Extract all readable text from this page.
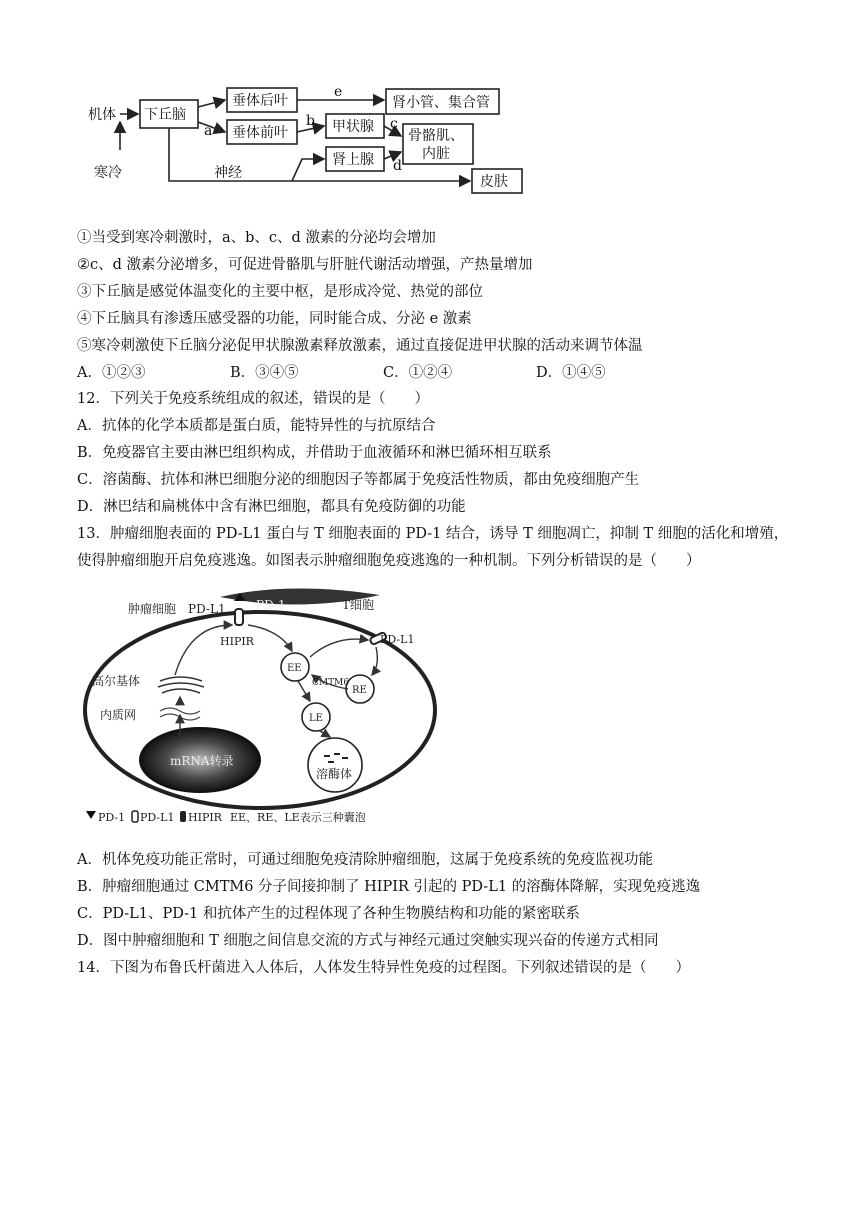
机体
寒冷
下丘脑
垂体后叶
垂体前叶
肾小管、集合管
甲状腺
肾上腺
骨骼肌、
内脏
皮肤
神经
e
a
b	c
d
①当受到寒冷刺激时，a、b、c、d 激素的分泌均会增加
②c、d 激素分泌增多，可促进骨骼肌与肝脏代谢活动增强，产热量增加
③下丘脑是感觉体温变化的主要中枢，是形成冷觉、热觉的部位
④下丘脑具有渗透压感受器的功能，同时能合成、分泌 e 激素
⑤寒冷刺激使下丘脑分泌促甲状腺激素释放激素，通过直接促进甲状腺的活动来调节体温
A．①②③	B．③④⑤	C．①②④	D．①④⑤
12．下列关于免疫系统组成的叙述，错误的是（　　）
A．抗体的化学本质都是蛋白质，能特异性的与抗原结合
B．免疫器官主要由淋巴组织构成，并借助于血液循环和淋巴循环相互联系
C．溶菌酶、抗体和淋巴细胞分泌的细胞因子等都属于免疫活性物质，都由免疫细胞产生
D．淋巴结和扁桃体中含有淋巴细胞，都具有免疫防御的功能
13．肿瘤细胞表面的 PD-L1 蛋白与 T 细胞表面的 PD-1 结合，诱导 T 细胞凋亡，抑制 T 细胞的活化和增殖，
使得肿瘤细胞开启免疫逃逸。如图表示肿瘤细胞免疫逃逸的一种机制。下列分析错误的是（　　）
肿瘤细胞 PD-L1	PD-1	T细胞
HIPIR	PD-L1
高尔基体
内质网
mRNA转录
EE
CMTM6
RE
LE
溶酶体
PD-1 PD-L1 HIPIR EE、RE、LE表示三种囊泡
A．机体免疫功能正常时，可通过细胞免疫清除肿瘤细胞，这属于免疫系统的免疫监视功能
B．肿瘤细胞通过 CMTM6 分子间接抑制了 HIPIR 引起的 PD-L1 的溶酶体降解，实现免疫逃逸
C．PD-L1、PD-1 和抗体产生的过程体现了各种生物膜结构和功能的紧密联系
D．图中肿瘤细胞和 T 细胞之间信息交流的方式与神经元通过突触实现兴奋的传递方式相同
14．下图为布鲁氏杆菌进入人体后，人体发生特异性免疫的过程图。下列叙述错误的是（　　）
